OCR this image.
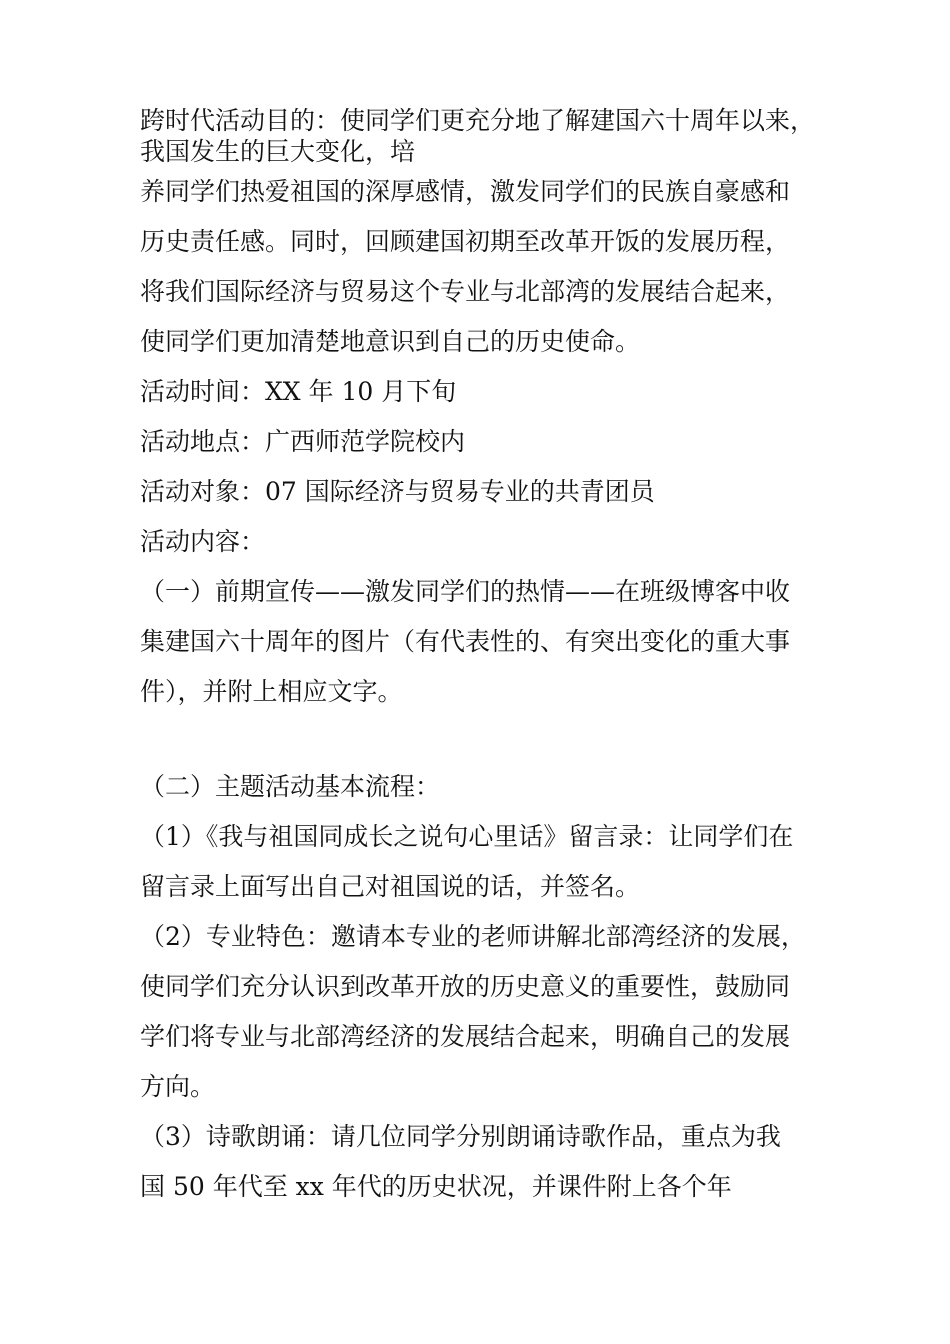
跨时代活动目的：使同学们更充分地了解建国六十周年以来，
我国发生的巨大变化，培
养同学们热爱祖国的深厚感情，激发同学们的民族自豪感和
历史责任感。同时，回顾建国初期至改革开饭的发展历程，
将我们国际经济与贸易这个专业与北部湾的发展结合起来，
使同学们更加清楚地意识到自己的历史使命。
活动时间：XX 年 10 月下旬
活动地点：广西师范学院校内
活动对象：07 国际经济与贸易专业的共青团员
活动内容：
（一）前期宣传——激发同学们的热情——在班级博客中收
集建国六十周年的图片（有代表性的、有突出变化的重大事
件），并附上相应文字。
（二）主题活动基本流程：
（1）《我与祖国同成长之说句心里话》留言录：让同学们在
留言录上面写出自己对祖国说的话，并签名。
（2）专业特色：邀请本专业的老师讲解北部湾经济的发展，
使同学们充分认识到改革开放的历史意义的重要性，鼓励同
学们将专业与北部湾经济的发展结合起来，明确自己的发展
方向。
（3）诗歌朗诵：请几位同学分别朗诵诗歌作品，重点为我
国 50 年代至 xx 年代的历史状况，并课件附上各个年
